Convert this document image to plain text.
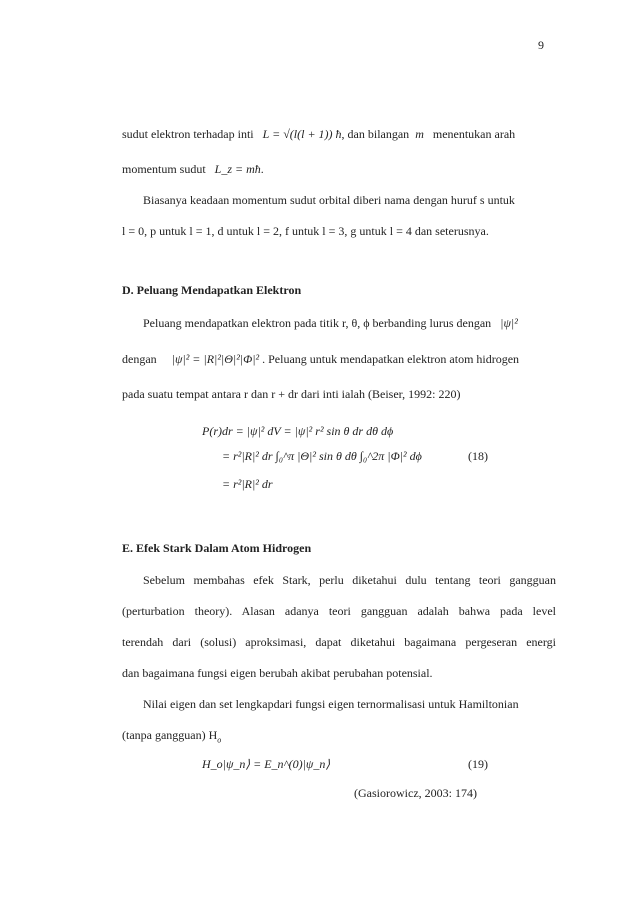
9
sudut elektron terhadap inti L = √(l(l + 1)) ħ, dan bilangan m menentukan arah
momentum sudut L_z = mħ.
Biasanya keadaan momentum sudut orbital diberi nama dengan huruf s untuk
l = 0, p untuk l = 1, d untuk l = 2, f untuk l = 3, g untuk l = 4 dan seterusnya.
D. Peluang Mendapatkan Elektron
Peluang mendapatkan elektron pada titik r, θ, ϕ berbanding lurus dengan |ψ|²
dengan |ψ|² = |R|²|Θ|²|Φ|² . Peluang untuk mendapatkan elektron atom hidrogen
pada suatu tempat antara r dan r + dr dari inti ialah (Beiser, 1992: 220)
P(r)dr = |ψ|² dV = |ψ|² r² sin θ dr dθ dϕ
= r²|R|² dr ∫₀^π |Θ|² sin θ dθ ∫₀^2π |Φ|² dϕ
= r²|R|² dr
(18)
E. Efek Stark Dalam Atom Hidrogen
Sebelum membahas efek Stark, perlu diketahui dulu tentang teori gangguan
(perturbation theory). Alasan adanya teori gangguan adalah bahwa pada level
terendah dari (solusi) aproksimasi, dapat diketahui bagaimana pergeseran energi
dan bagaimana fungsi eigen berubah akibat perubahan potensial.
Nilai eigen dan set lengkapdari fungsi eigen ternormalisasi untuk Hamiltonian
(tanpa gangguan) $H_o$
H_o|ψ_n⟩ = E_n^(0)|ψ_n⟩	(19)
(Gasiorowicz, 2003: 174)
